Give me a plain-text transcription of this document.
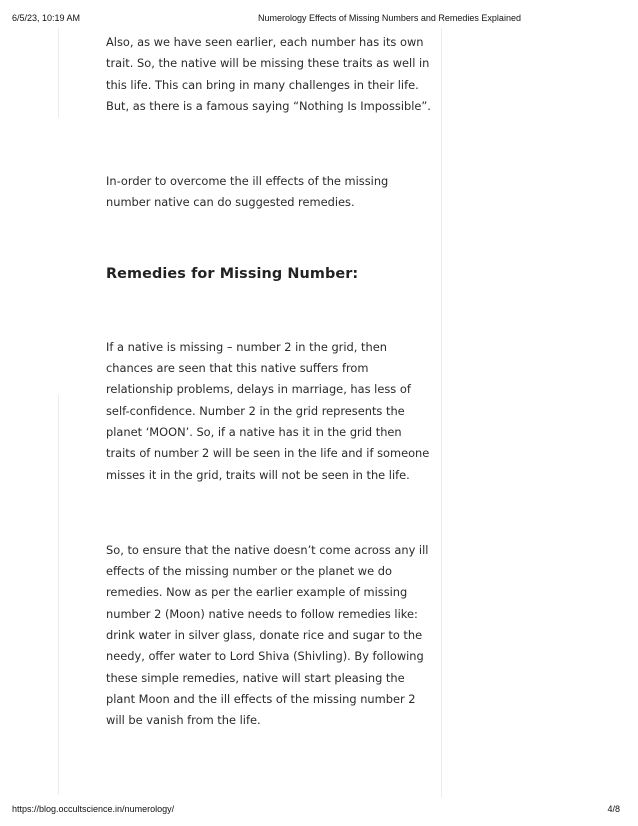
6/5/23, 10:19 AM	Numerology Effects of Missing Numbers and Remedies Explained

Also, as we have seen earlier, each number has its own
trait. So, the native will be missing these traits as well in
this life. This can bring in many challenges in their life.
But, as there is a famous saying “Nothing Is Impossible”.

In-order to overcome the ill effects of the missing
number native can do suggested remedies.

Remedies for Missing Number:

If a native is missing – number 2 in the grid, then
chances are seen that this native suffers from
relationship problems, delays in marriage, has less of
self-confidence. Number 2 in the grid represents the
planet ‘MOON’. So, if a native has it in the grid then
traits of number 2 will be seen in the life and if someone
misses it in the grid, traits will not be seen in the life.

So, to ensure that the native doesn’t come across any ill
effects of the missing number or the planet we do
remedies. Now as per the earlier example of missing
number 2 (Moon) native needs to follow remedies like:
drink water in silver glass, donate rice and sugar to the
needy, offer water to Lord Shiva (Shivling). By following
these simple remedies, native will start pleasing the
plant Moon and the ill effects of the missing number 2
will be vanish from the life.

https://blog.occultscience.in/numerology/	4/8
